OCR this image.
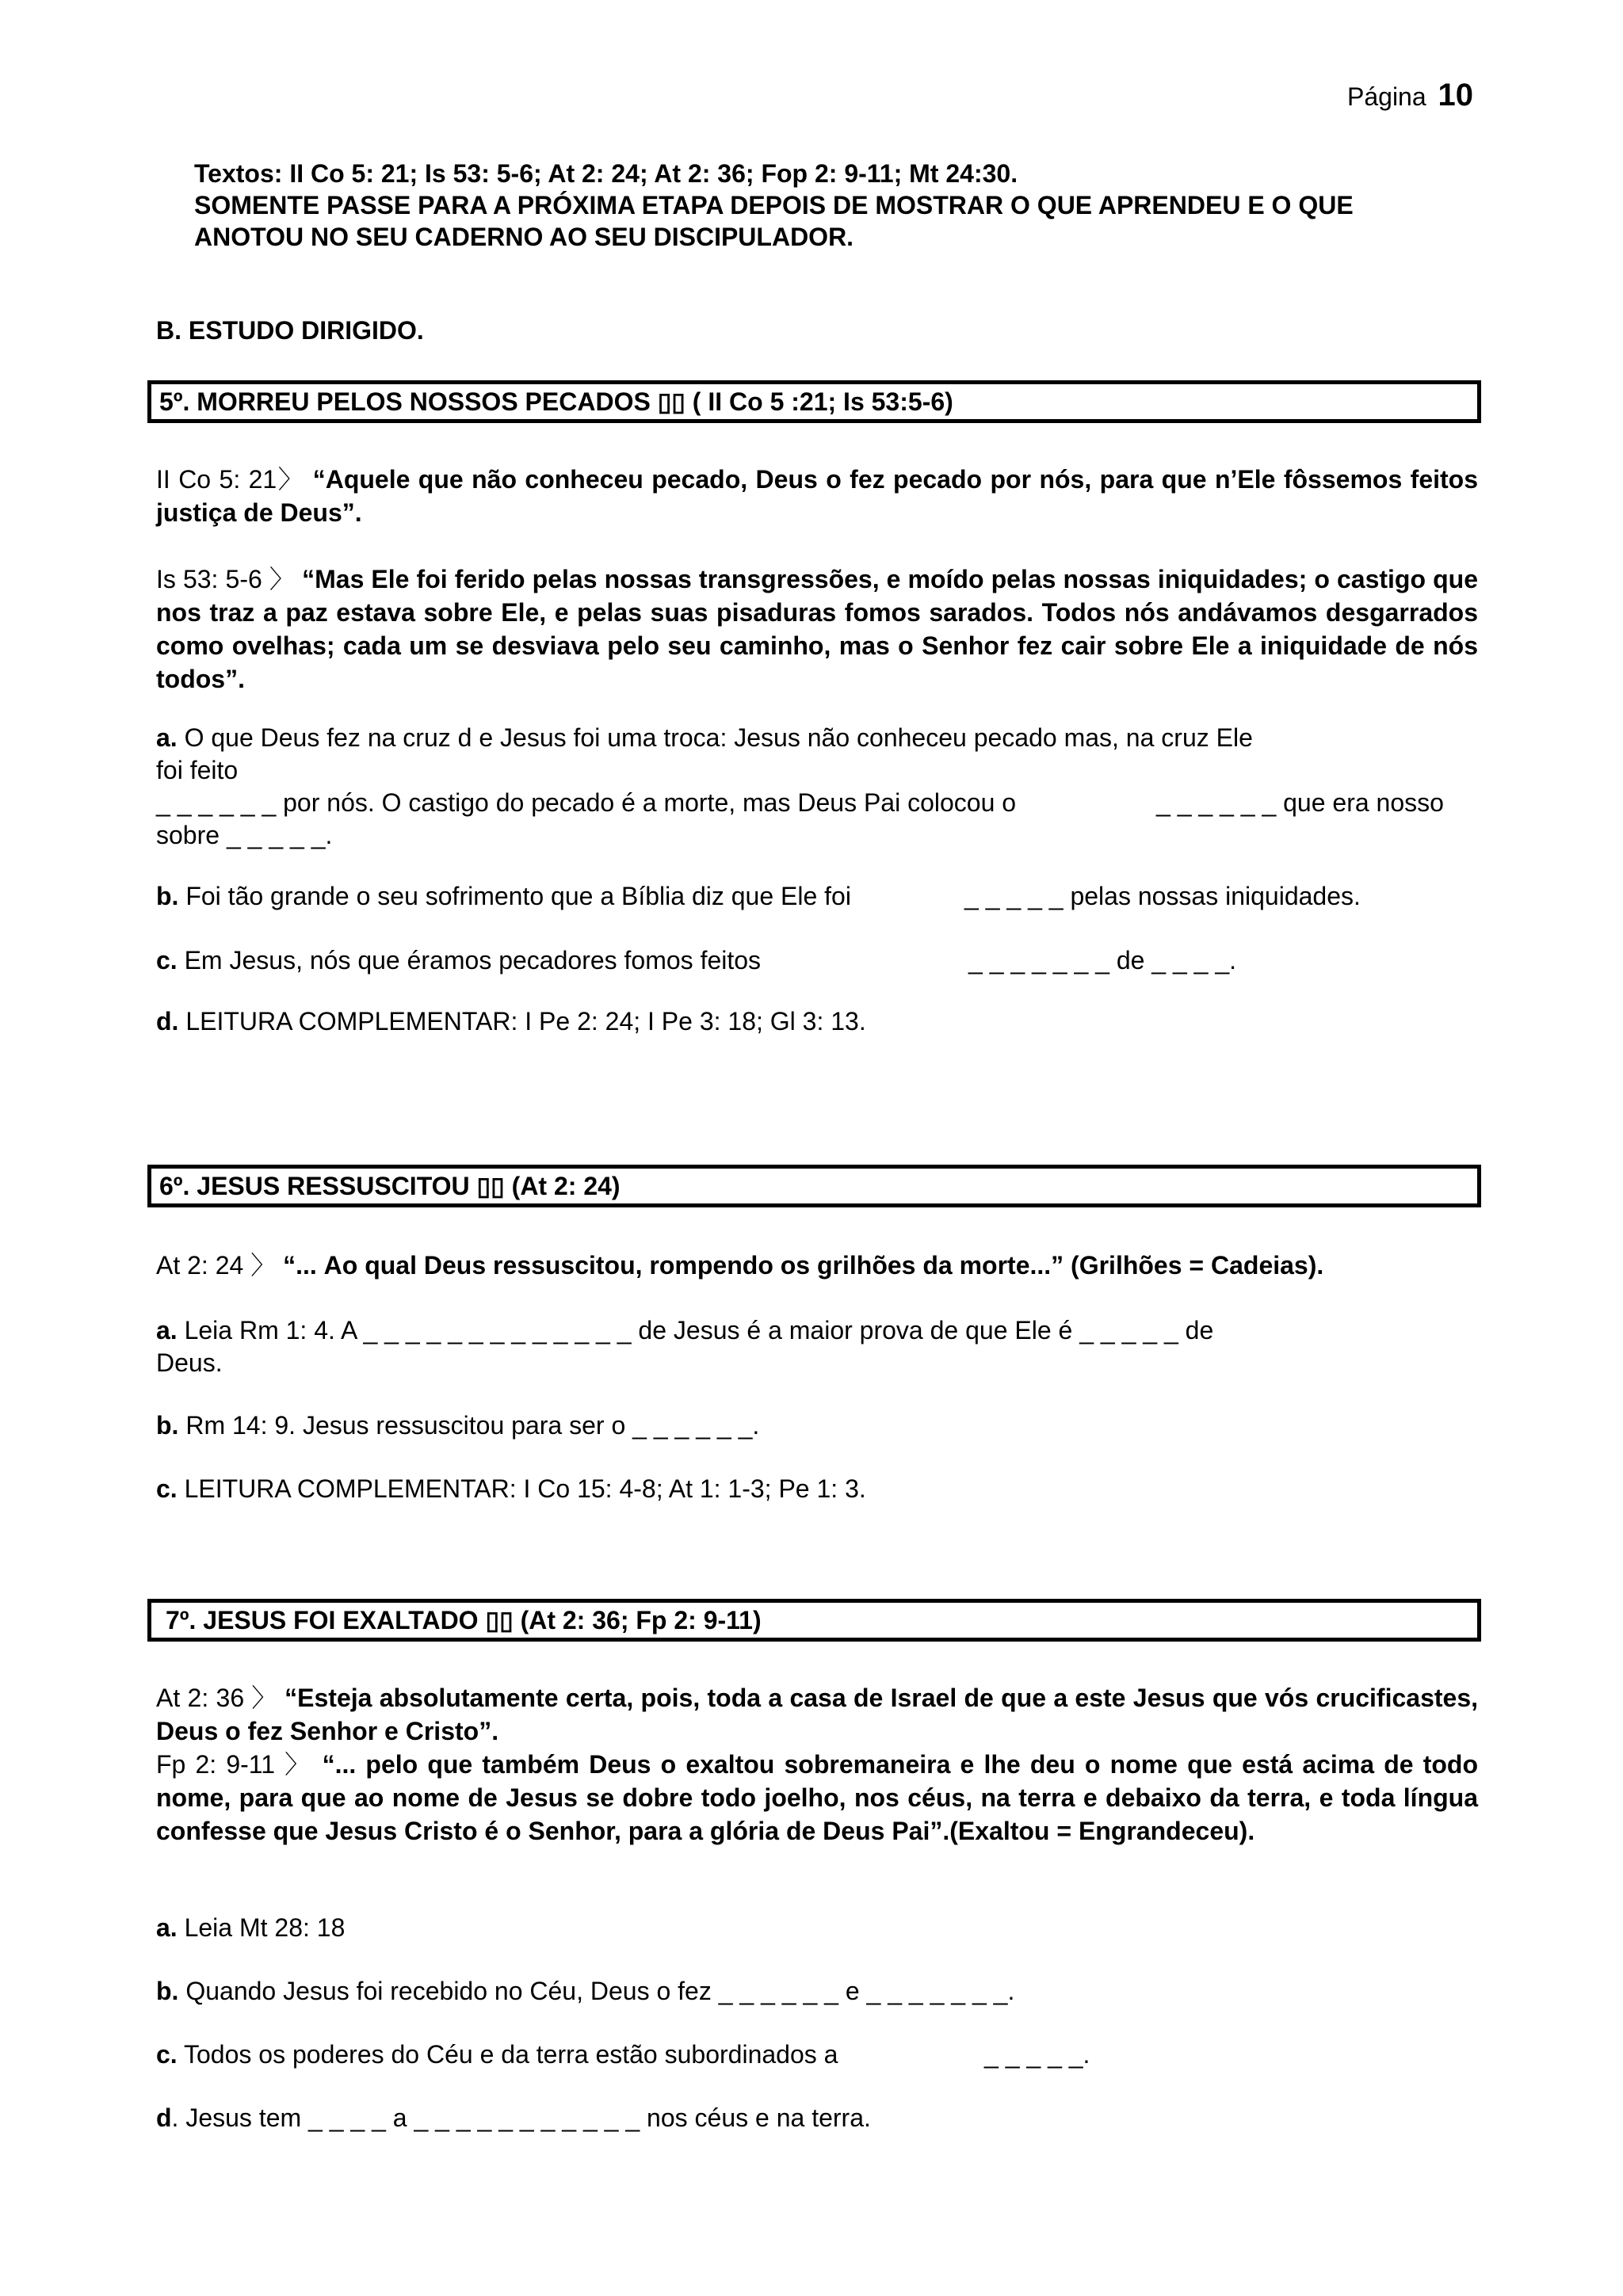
Página 10
Textos: II Co 5: 21; Is 53: 5-6; At 2: 24; At 2: 36; Fop 2: 9-11; Mt 24:30.
SOMENTE PASSE PARA A PRÓXIMA ETAPA DEPOIS DE MOSTRAR O QUE APRENDEU E O QUE
ANOTOU NO SEU CADERNO AO SEU DISCIPULADOR.
B. ESTUDO DIRIGIDO.
5º. MORREU PELOS NOSSOS PECADOS ▯▯ ( II Co 5 :21; Is 53:5-6)
II Co 5: 21〉 “Aquele que não conheceu pecado, Deus o fez pecado por nós, para que n’Ele fôssemos feitos justiça de Deus”.
Is 53: 5-6 〉 “Mas Ele foi ferido pelas nossas transgressões, e moído pelas nossas iniquidades; o castigo que nos traz a paz estava sobre Ele, e pelas suas pisaduras fomos sarados. Todos nós andávamos desgarrados como ovelhas; cada um se desviava pelo seu caminho, mas o Senhor fez cair sobre Ele a iniquidade de nós todos”.
a. O que Deus fez na cruz d e Jesus foi uma troca: Jesus não conheceu pecado mas, na cruz Ele
foi feito
_ _ _ _ _ _ por nós. O castigo do pecado é a morte, mas Deus Pai colocou o	_ _ _ _ _ _ que era nosso
sobre _ _ _ _ _.
b. Foi tão grande o seu sofrimento que a Bíblia diz que Ele foi	_ _ _ _ _ pelas nossas iniquidades.
c. Em Jesus, nós que éramos pecadores fomos feitos	_ _ _ _ _ _ _ de _ _ _ _.
d. LEITURA COMPLEMENTAR: I Pe 2: 24; I Pe 3: 18; Gl 3: 13.
6º. JESUS RESSUSCITOU ▯▯ (At 2: 24)
At 2: 24 〉 “... Ao qual Deus ressuscitou, rompendo os grilhões da morte...” (Grilhões = Cadeias).
a. Leia Rm 1: 4. A _ _ _ _ _ _ _ _ _ _ _ _ _ de Jesus é a maior prova de que Ele é _ _ _ _ _ de
Deus.
b. Rm 14: 9. Jesus ressuscitou para ser o _ _ _ _ _ _.
c. LEITURA COMPLEMENTAR: I Co 15: 4-8; At 1: 1-3; Pe 1: 3.
7º. JESUS FOI EXALTADO ▯▯ (At 2: 36; Fp 2: 9-11)
At 2: 36 〉 “Esteja absolutamente certa, pois, toda a casa de Israel de que a este Jesus que vós crucificastes, Deus o fez Senhor e Cristo”.
Fp 2: 9-11 〉 “... pelo que também Deus o exaltou sobremaneira e lhe deu o nome que está acima de todo nome, para que ao nome de Jesus se dobre todo joelho, nos céus, na terra e debaixo da terra, e toda língua confesse que Jesus Cristo é o Senhor, para a glória de Deus Pai”.(Exaltou = Engrandeceu).
a. Leia Mt 28: 18
b. Quando Jesus foi recebido no Céu, Deus o fez _ _ _ _ _ _ e _ _ _ _ _ _ _.
c. Todos os poderes do Céu e da terra estão subordinados a	_ _ _ _ _.
d. Jesus tem _ _ _ _ a _ _ _ _ _ _ _ _ _ _ _ nos céus e na terra.
